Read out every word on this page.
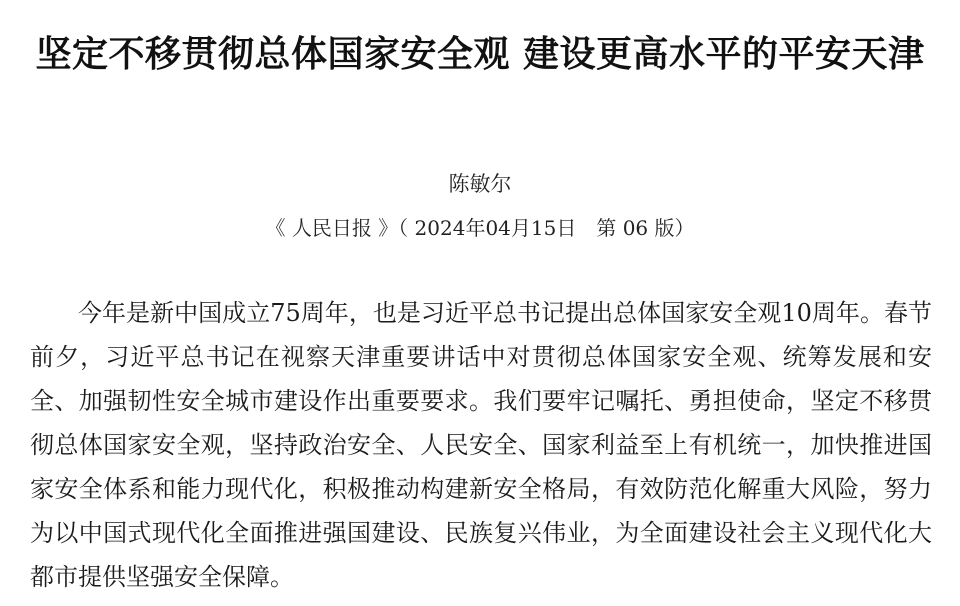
坚定不移贯彻总体国家安全观 建设更高水平的平安天津
陈敏尔
《 人民日报 》（ 2024年04月15日　第 06 版）

今年是新中国成立75周年，也是习近平总书记提出总体国家安全观10周年。春节前夕，习近平总书记在视察天津重要讲话中对贯彻总体国家安全观、统筹发展和安全、加强韧性安全城市建设作出重要要求。我们要牢记嘱托、勇担使命，坚定不移贯彻总体国家安全观，坚持政治安全、人民安全、国家利益至上有机统一，加快推进国家安全体系和能力现代化，积极推动构建新安全格局，有效防范化解重大风险，努力为以中国式现代化全面推进强国建设、民族复兴伟业，为全面建设社会主义现代化大都市提供坚强安全保障。
